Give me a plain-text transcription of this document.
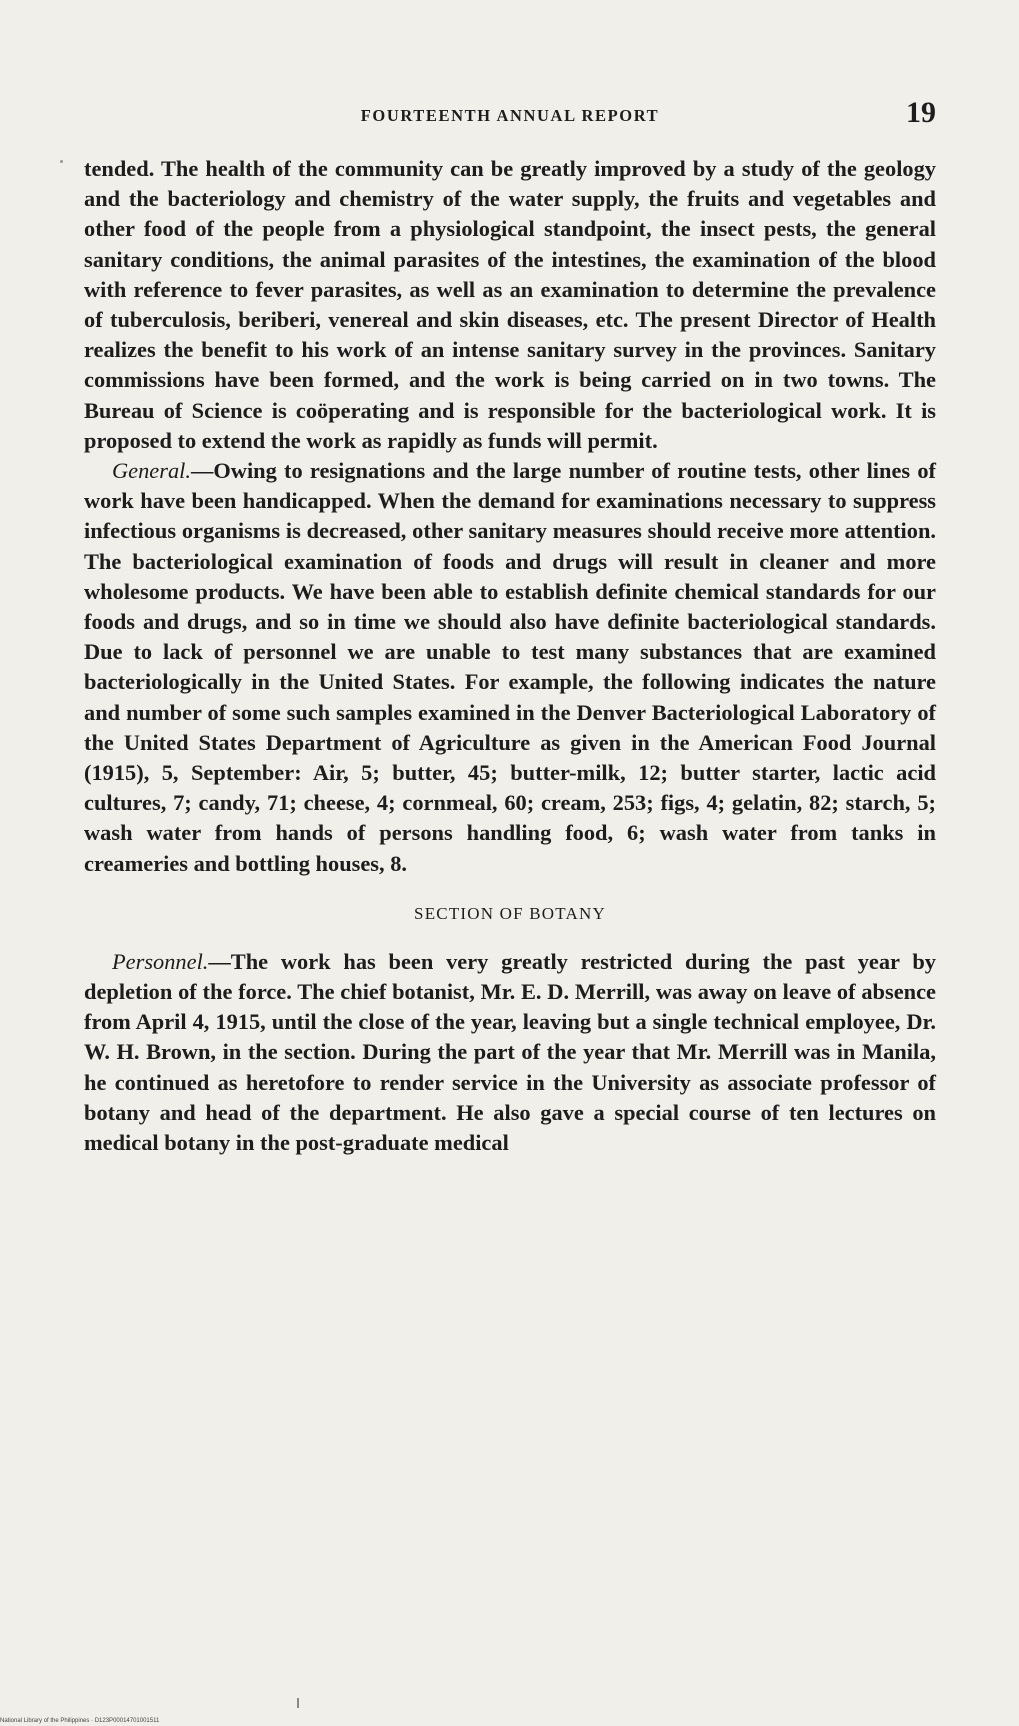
FOURTEENTH ANNUAL REPORT	19

tended. The health of the community can be greatly improved by a study of the geology and the bacteriology and chemistry of the water supply, the fruits and vegetables and other food of the people from a physiological standpoint, the insect pests, the general sanitary conditions, the animal parasites of the intestines, the examination of the blood with reference to fever parasites, as well as an examination to determine the prevalence of tuberculosis, beriberi, venereal and skin diseases, etc. The present Director of Health realizes the benefit to his work of an intense sanitary survey in the provinces. Sanitary commissions have been formed, and the work is being carried on in two towns. The Bureau of Science is coöperating and is responsible for the bacteriological work. It is proposed to extend the work as rapidly as funds will permit.

General.—Owing to resignations and the large number of routine tests, other lines of work have been handicapped. When the demand for examinations necessary to suppress infectious organisms is decreased, other sanitary measures should receive more attention. The bacteriological examination of foods and drugs will result in cleaner and more wholesome products. We have been able to establish definite chemical standards for our foods and drugs, and so in time we should also have definite bacteriological standards. Due to lack of personnel we are unable to test many substances that are examined bacteriologically in the United States. For example, the following indicates the nature and number of some such samples examined in the Denver Bacteriological Laboratory of the United States Department of Agriculture as given in the American Food Journal (1915), 5, September: Air, 5; butter, 45; butter-milk, 12; butter starter, lactic acid cultures, 7; candy, 71; cheese, 4; cornmeal, 60; cream, 253; figs, 4; gelatin, 82; starch, 5; wash water from hands of persons handling food, 6; wash water from tanks in creameries and bottling houses, 8.

SECTION OF BOTANY

Personnel.—The work has been very greatly restricted during the past year by depletion of the force. The chief botanist, Mr. E. D. Merrill, was away on leave of absence from April 4, 1915, until the close of the year, leaving but a single technical employee, Dr. W. H. Brown, in the section. During the part of the year that Mr. Merrill was in Manila, he continued as heretofore to render service in the University as associate professor of botany and head of the department. He also gave a special course of ten lectures on medical botany in the post-graduate medical

National Library of the Philippines · D123P00014701001511
